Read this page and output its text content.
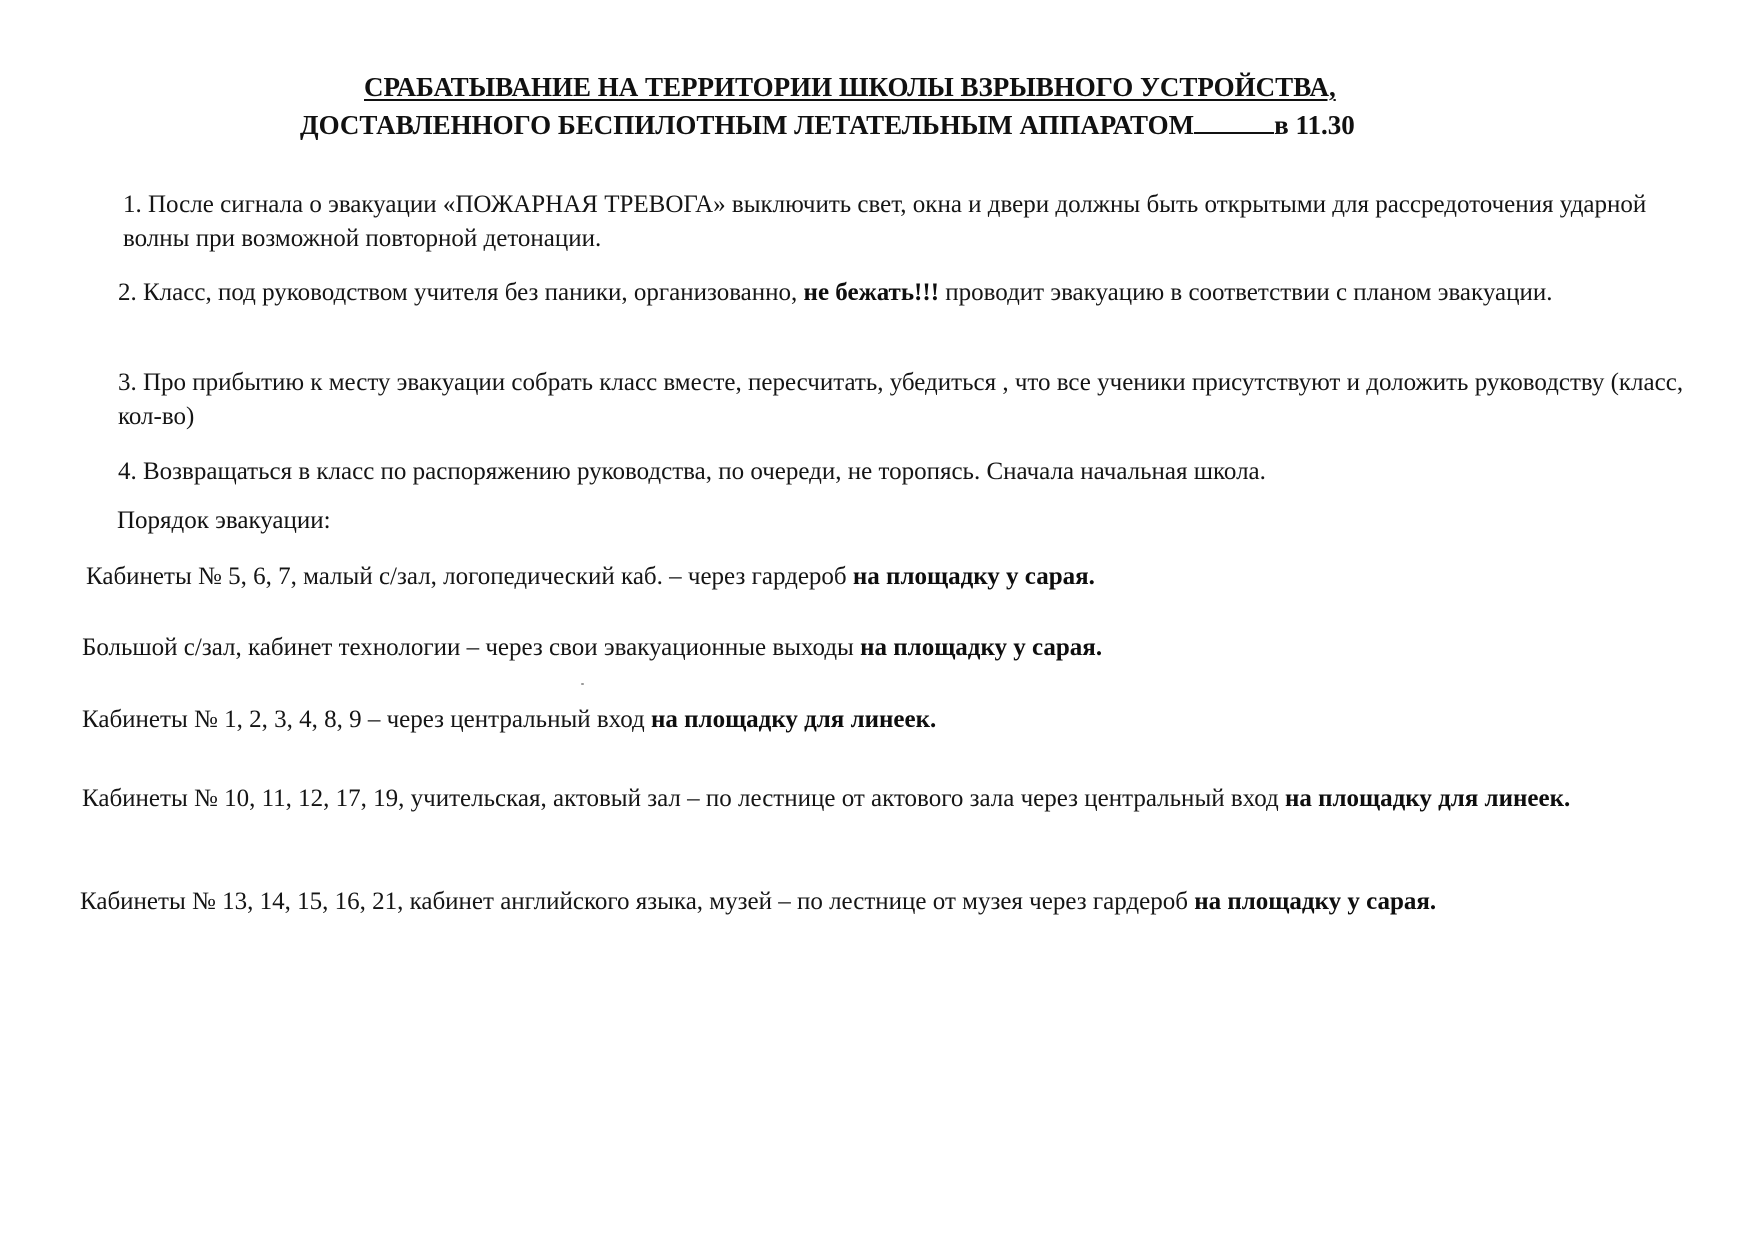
СРАБАТЫВАНИЕ НА ТЕРРИТОРИИ ШКОЛЫ ВЗРЫВНОГО УСТРОЙСТВА,
ДОСТАВЛЕННОГО БЕСПИЛОТНЫМ ЛЕТАТЕЛЬНЫМ АППАРАТОМ	в 11.30
1. После сигнала о эвакуации «ПОЖАРНАЯ ТРЕВОГА» выключить свет, окна и двери должны быть открытыми для рассредоточения ударной волны при возможной повторной детонации.
2. Класс, под руководством учителя без паники, организованно, не бежать!!! проводит эвакуацию в соответствии с планом эвакуации.
3. Про прибытию к месту эвакуации собрать класс вместе, пересчитать, убедиться , что все ученики присутствуют и доложить руководству (класс, кол-во)
4. Возвращаться в класс по распоряжению руководства, по очереди, не торопясь. Сначала начальная школа.
Порядок эвакуации:
Кабинеты № 5, 6, 7, малый с/зал, логопедический каб. – через гардероб на площадку у сарая.
Большой с/зал, кабинет технологии – через свои эвакуационные выходы на площадку у сарая.
Кабинеты № 1, 2, 3, 4, 8, 9 – через центральный вход на площадку для линеек.
Кабинеты № 10, 11, 12, 17, 19, учительская, актовый зал – по лестнице от актового зала через центральный вход на площадку для линеек.
Кабинеты № 13, 14, 15, 16, 21, кабинет английского языка, музей – по лестнице от музея через гардероб на площадку у сарая.
